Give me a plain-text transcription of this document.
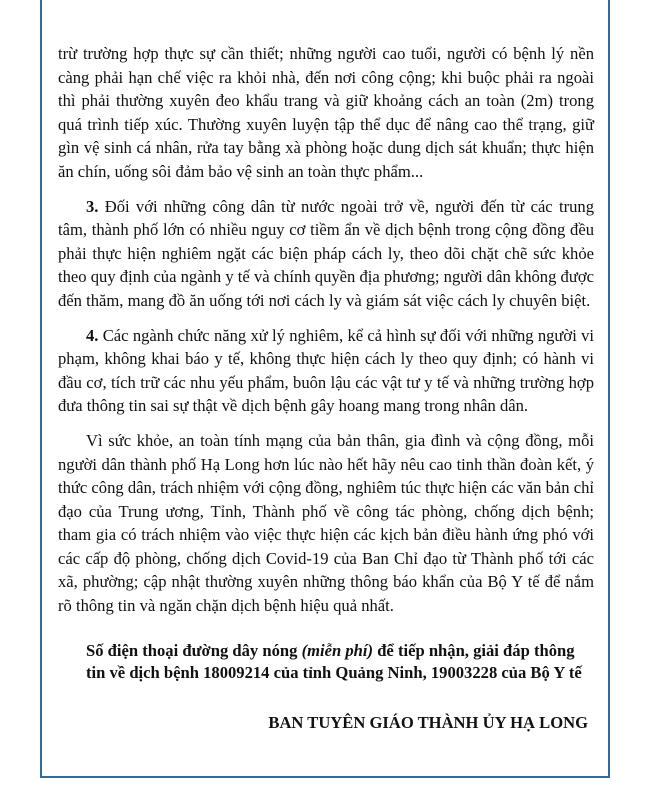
trừ trường hợp thực sự cần thiết; những người cao tuổi, người có bệnh lý nền càng phải hạn chế việc ra khỏi nhà, đến nơi công cộng; khi buộc phải ra ngoài thì phải thường xuyên đeo khẩu trang và giữ khoảng cách an toàn (2m) trong quá trình tiếp xúc. Thường xuyên luyện tập thể dục để nâng cao thể trạng, giữ gìn vệ sinh cá nhân, rửa tay bằng xà phòng hoặc dung dịch sát khuẩn; thực hiện ăn chín, uống sôi đảm bảo vệ sinh an toàn thực phẩm...

3. Đối với những công dân từ nước ngoài trở về, người đến từ các trung tâm, thành phố lớn có nhiều nguy cơ tiềm ẩn về dịch bệnh trong cộng đồng đều phải thực hiện nghiêm ngặt các biện pháp cách ly, theo dõi chặt chẽ sức khỏe theo quy định của ngành y tế và chính quyền địa phương; người dân không được đến thăm, mang đồ ăn uống tới nơi cách ly và giám sát việc cách ly chuyên biệt.

4. Các ngành chức năng xử lý nghiêm, kể cả hình sự đối với những người vi phạm, không khai báo y tế, không thực hiện cách ly theo quy định; có hành vi đầu cơ, tích trữ các nhu yếu phẩm, buôn lậu các vật tư y tế và những trường hợp đưa thông tin sai sự thật về dịch bệnh gây hoang mang trong nhân dân.

Vì sức khỏe, an toàn tính mạng của bản thân, gia đình và cộng đồng, mỗi người dân thành phố Hạ Long hơn lúc nào hết hãy nêu cao tinh thần đoàn kết, ý thức công dân, trách nhiệm với cộng đồng, nghiêm túc thực hiện các văn bản chỉ đạo của Trung ương, Tỉnh, Thành phố về công tác phòng, chống dịch bệnh; tham gia có trách nhiệm vào việc thực hiện các kịch bản điều hành ứng phó với các cấp độ phòng, chống dịch Covid-19 của Ban Chỉ đạo từ Thành phố tới các xã, phường; cập nhật thường xuyên những thông báo khẩn của Bộ Y tế để nắm rõ thông tin và ngăn chặn dịch bệnh hiệu quả nhất.

Số điện thoại đường dây nóng (miễn phí) để tiếp nhận, giải đáp thông tin về dịch bệnh 18009214 của tỉnh Quảng Ninh, 19003228 của Bộ Y tế

BAN TUYÊN GIÁO THÀNH ỦY HẠ LONG
